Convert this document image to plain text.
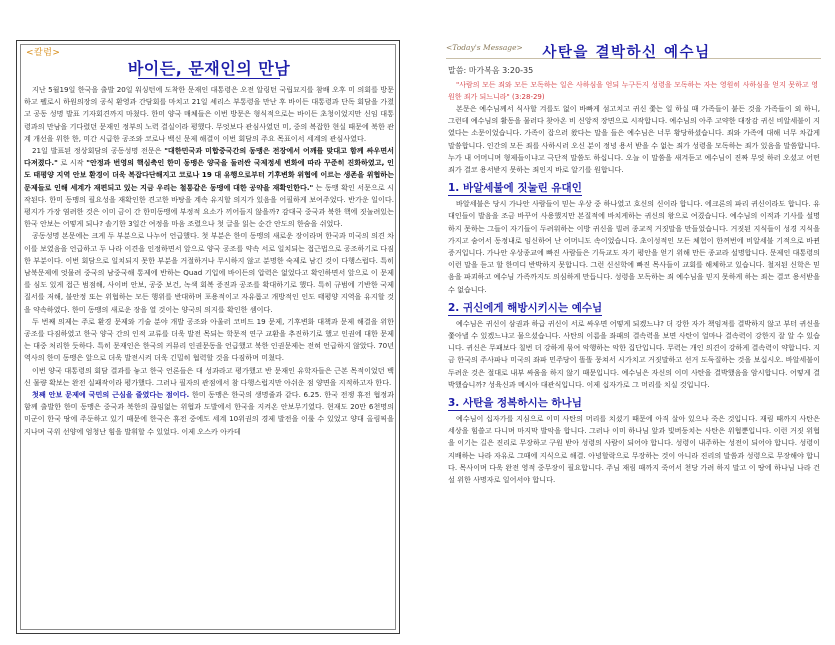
<칼럼>
바이든, 문재인의 만남

지난 5월19일 한국을 출발 20일 워싱턴에 도착한 문재인 대통령은 오전 알링턴 국립묘지를 참배 오후 미 의회를 방문하고 펠로시 하원의장의 공식 환영과 간담회를 마치고 21일 셰리스 부통령을 만난 후 바이든 대통령과 단독 회담을 가졌고 공동 성명 발표 기자회견까지 마쳤다. 한미 양국 매체들은 이번 방문은 형식적으로는 바이든 초청이었지만 신임 대통령과의 만남을 기다렸던 문재인 정부의 노력 결실이라 평했다. 무엇보다 관심사였던 미, 중의 복잡한 현실 때문에 북한 관계 개선을 위한 한, 미간 시급한 공조와 코로나 백신 문제 해결이 이번 회담의 주요 목표이서 세계의 관심사였다.

21일 발표된 정상회담의 공동성명 전문은 "대한민국과 미합중국간의 동맹은 전장에서 어깨를 맞대고 함께 싸우면서 다져졌다." 로 시작 "안정과 번영의 핵심축인 한미 동맹은 양국을 둘러싼 국제정세 변화에 따라 꾸준히 진화하였고, 인도 태평양 지역 안보 환경이 더욱 복잡다단해지고 코로나 19 대 유행으로부터 기후변화 위협에 이르는 생존을 위협하는 문제들로 인해 세계가 재편되고 있는 지금 우리는 철통같은 동맹에 대한 공약을 재확인한다." 는 동맹 확인 서문으로 시작된다. 한미 동맹의 필요성을 재확인한 견고한 바탕을 계속 유지할 의지가 있음을 어필하게 보여주었다. 반가운 일이다. 평지가 가장 염려한 것은 이미 금이 간 한미동맹에 부정적 요소가 끼어들지 않을까? 감대국 중국과 북한 핵에 짓눌려있는 한국 안보는 어떻게 되나? 솔기한 3일간 여정을 마음 조렸으나 첫 글을 읽는 순간 안도의 한숨을 쉬었다.

공동성명 본문에는 크게 두 부분으로 나누어 언급했다. 첫 부분은 한미 동맹의 새로운 장이라며 한국과 미국의 의견 차이를 보였음을 언급하고 두 나라 이견을 인정하면서 앞으로 양국 공조를 약속 서로 일치되는 접근법으로 공조하기로 다짐한 부분이다. 이번 회담으로 일치되지 못한 부분을 거절하거나 무시하지 않고 분명한 숙제로 남긴 것이 다행스럽다. 특히 남북문제에 엇물려 중국의 남중국해 통제에 반하는 Quad 기입에 바이든의 압력은 없었다고 확인하면서 앞으로 이 문제를 심도 있게 접근 범점해, 사이버 안보, 공중 보건, 녹색 회복 증진과 공조를 확대하기로 했다. 특히 규범에 기반한 국제 질서를 저해, 불안정 또는 위협하는 모든 행위를 반대하며 포용적이고 자유롭고 개방적인 인도 태평양 지역을 유지할 것을 약속하였다. 한미 동맹의 새로운 장을 열 것이는 양국의 의지를 확인한 셈이다.

두 번째 의제는 주로 환경 문제와 기술 분야 개발 공조와 아울러 코비드 19 문제, 기후변화 대책과 문제 해결을 위한 공조를 다짐하였고 한국 양국 간의 인적 교류를 더욱 발전 목되는 학문적 연구 교환을 추진하기로 했고 인권에 대한 문제는 대중 처리한 듯하다. 특히 문재인은 한국의 커뮤리 인권문동을 언급했고 북한 인권문제는 전혀 언급하지 않았다. 70년 역사의 한미 동맹은 앞으로 더욱 발전시켜 더욱 긴밀히 협력할 것을 다짐하며 미쳤다.

이번 양국 대통령의 회담 결과를 놓고 한국 언론들은 대 성과라고 평가했고 반 문재인 유학자들은 근본 목적이었던 백신 물량 확보는 완전 실패작이라 평가했다. 그러나 필자의 관점에서 참 다행스럽지만 아쉬운 점 양면을 지적하고자 한다.

첫째 안보 문제에 국민의 근심을 줄였다는 점이다. 한미 동맹은 한국의 생명줄과 같다. 6.25. 한국 전쟁 휴전 협정과 함께 출발한 한미 동맹은 중국과 북한의 끊임없는 위협과 도발에서 한국을 지켜온 안보무기였다. 현재도 20만 6천명의 미군이 한국 땅에 주둔하고 있기 때문에 한국은 휴전 중에도 세계 10위권의 경제 발전을 이룰 수 있었고 양대 올림픽을 지나며 국위 선양에 엄청난 힘을 발휘할 수 있었다. 이제 오스카 아카데

<Today's Message>	사탄을 결박하신 예수님
말씀: 마가복음 3:20-35
"사람의 모든 죄와 모든 모독하는 일은 사하심을 얻되 누구든지 성령을 모독하는 자는 영원히 사하심을 얻지 못하고 영원한 죄가 되느니라" (3:28-29)

본문은 예수님께서 식사할 겨를도 없이 바빠게 섬고치고 귀신 쫓는 일 하실 때 가족들이 붙든 것을 가족들이 외 하니, 그런데 예수님의 활동을 물러다 찾아온 비 신앙적 장면으로 시작합니다. 예수님의 아주 고약한 대장감 귀신 비알세불이 지였다는 소문이었습니다. 가족이 잡으러 왔다는 말을 들은 예수님은 너무 황당하셨습니다. 죄와 가족에 대해 너무 차갑게 말씀합니다. 인간의 모든 죄를 사하시러 오신 분이 정녕 용서 받을 수 없는 죄가 성령을 모독하는 죄가 있음을 말씀합니다. 누가 내 어머니며 형제들이냐고 극단적 말씀도 하십니다. 오늘 이 말씀을 새겨듣고 예수님이 진짜 무엇 하러 오셨고 어떤 죄가 결코 용서받지 못하는 죄인지 바로 알기를 원합니다.

1. 바알세불에 짓눌린 유대인

바알세불은 당시 가나안 사람들이 믿는 우상 중 하나였고 호신의 신이라 합니다. 에크론의 파리 귀신이라도 합니다. 유대인들이 발음을 조금 바꾸어 사용했지만 본질적에 바치게하는 귀신의 왕으로 여겼습니다. 예수님의 이적과 기사를 설명하지 못하는 그들이 자기들이 두려워하는 이방 귀신을 빌려 종교적 거짓말을 만들었습니다. 거짓된 지식들이 성경 지식을 가지고 숨어서 동정내로 임신하여 난 어머니도 속이었습니다. 초이성적인 모든 체험이 한꺼번에 비알세불 기적으로 바뀐 증거입니다. 가나안 우상종교에 빠진 사람들은 기득교도 자기 평안을 얻기 위해 만든 종교라 설명합니다. 문제인 대통령의 이런 말을 듣고 할 한미디 반박하지 못합니다. 그런 신신학에 빠진 목사들이 교회를 해체하고 있습니다. 철저된 신학은 믿음을 파괴하고 예수님 가족까지도 의심하게 만듭니다. 성령을 모독하는 죄 예수님을 믿지 못하게 하는 죄는 결코 용서받을 수 없습니다.

2. 귀신에게 해방시키시는 예수님

예수님은 귀신이 삼권과 하급 귀신이 서로 싸우면 어떻게 되겠느냐? 더 강한 자가 책임져를 결박하지 않고 부터 귀신을 쫓아낼 수 있겠느냐고 물으셨습니다. 사탄의 이름을 좌패의 결속력을 보면 사탄이 얼마나 결속력이 강한지 잘 알 수 있습니다. 귀신은 무패보다 칠번 더 강하게 묶여 악행하는 악한 집단입니다. 무력는 개인 의견이 강하게 결속력이 약합니다. 지금 한국의 주사파나 미국의 좌파 민주당이 똘똘 뭉쳐서 시가치고 거짓말하고 선거 도둑질하는 것을 보십시오. 바알세불이 두려운 것은 절대로 내부 싸움을 하지 않기 때문입니다. 예수님은 자신의 이미 사탄을 결박했음을 암시합니다. 어떻게 결박했습니까? 성육신과 메시아 대관식입니다. 이제 십자가로 그 머리를 치실 것입니다.

3. 사탄을 정복하시는 하나님

예수님이 십자가를 지심으로 이미 사탄의 머리를 치셨기 때문에 아직 살아 있으나 죽은 것입니다. 재림 때까지 사탄은 세상을 힘쓸고 다니며 마지막 발악을 합니다. 그러나 이미 하나님 앞과 빛버둥치는 사탄은 위협뿐입니다. 이런 거짓 위협을 이기는 길은 진리로 무장하고 구원 받아 성령의 사람이 되어야 합니다. 성령이 내주하는 성전이 되어야 합니다. 성령이 지배하는 나라 자유로 그때에 지식으로 해결. 아녕할락으로 무장하는 것이 아니라 진리의 말씀과 성령으로 무장해야 합니다. 목사이며 다욱 완전 영적 중무장이 필요합니다. 주님 재림 때까지 죽어서 천당 가려 하지 말고 이 땅에 하나님 나라 건설 위한 사명자로 일어서야 합니다.
